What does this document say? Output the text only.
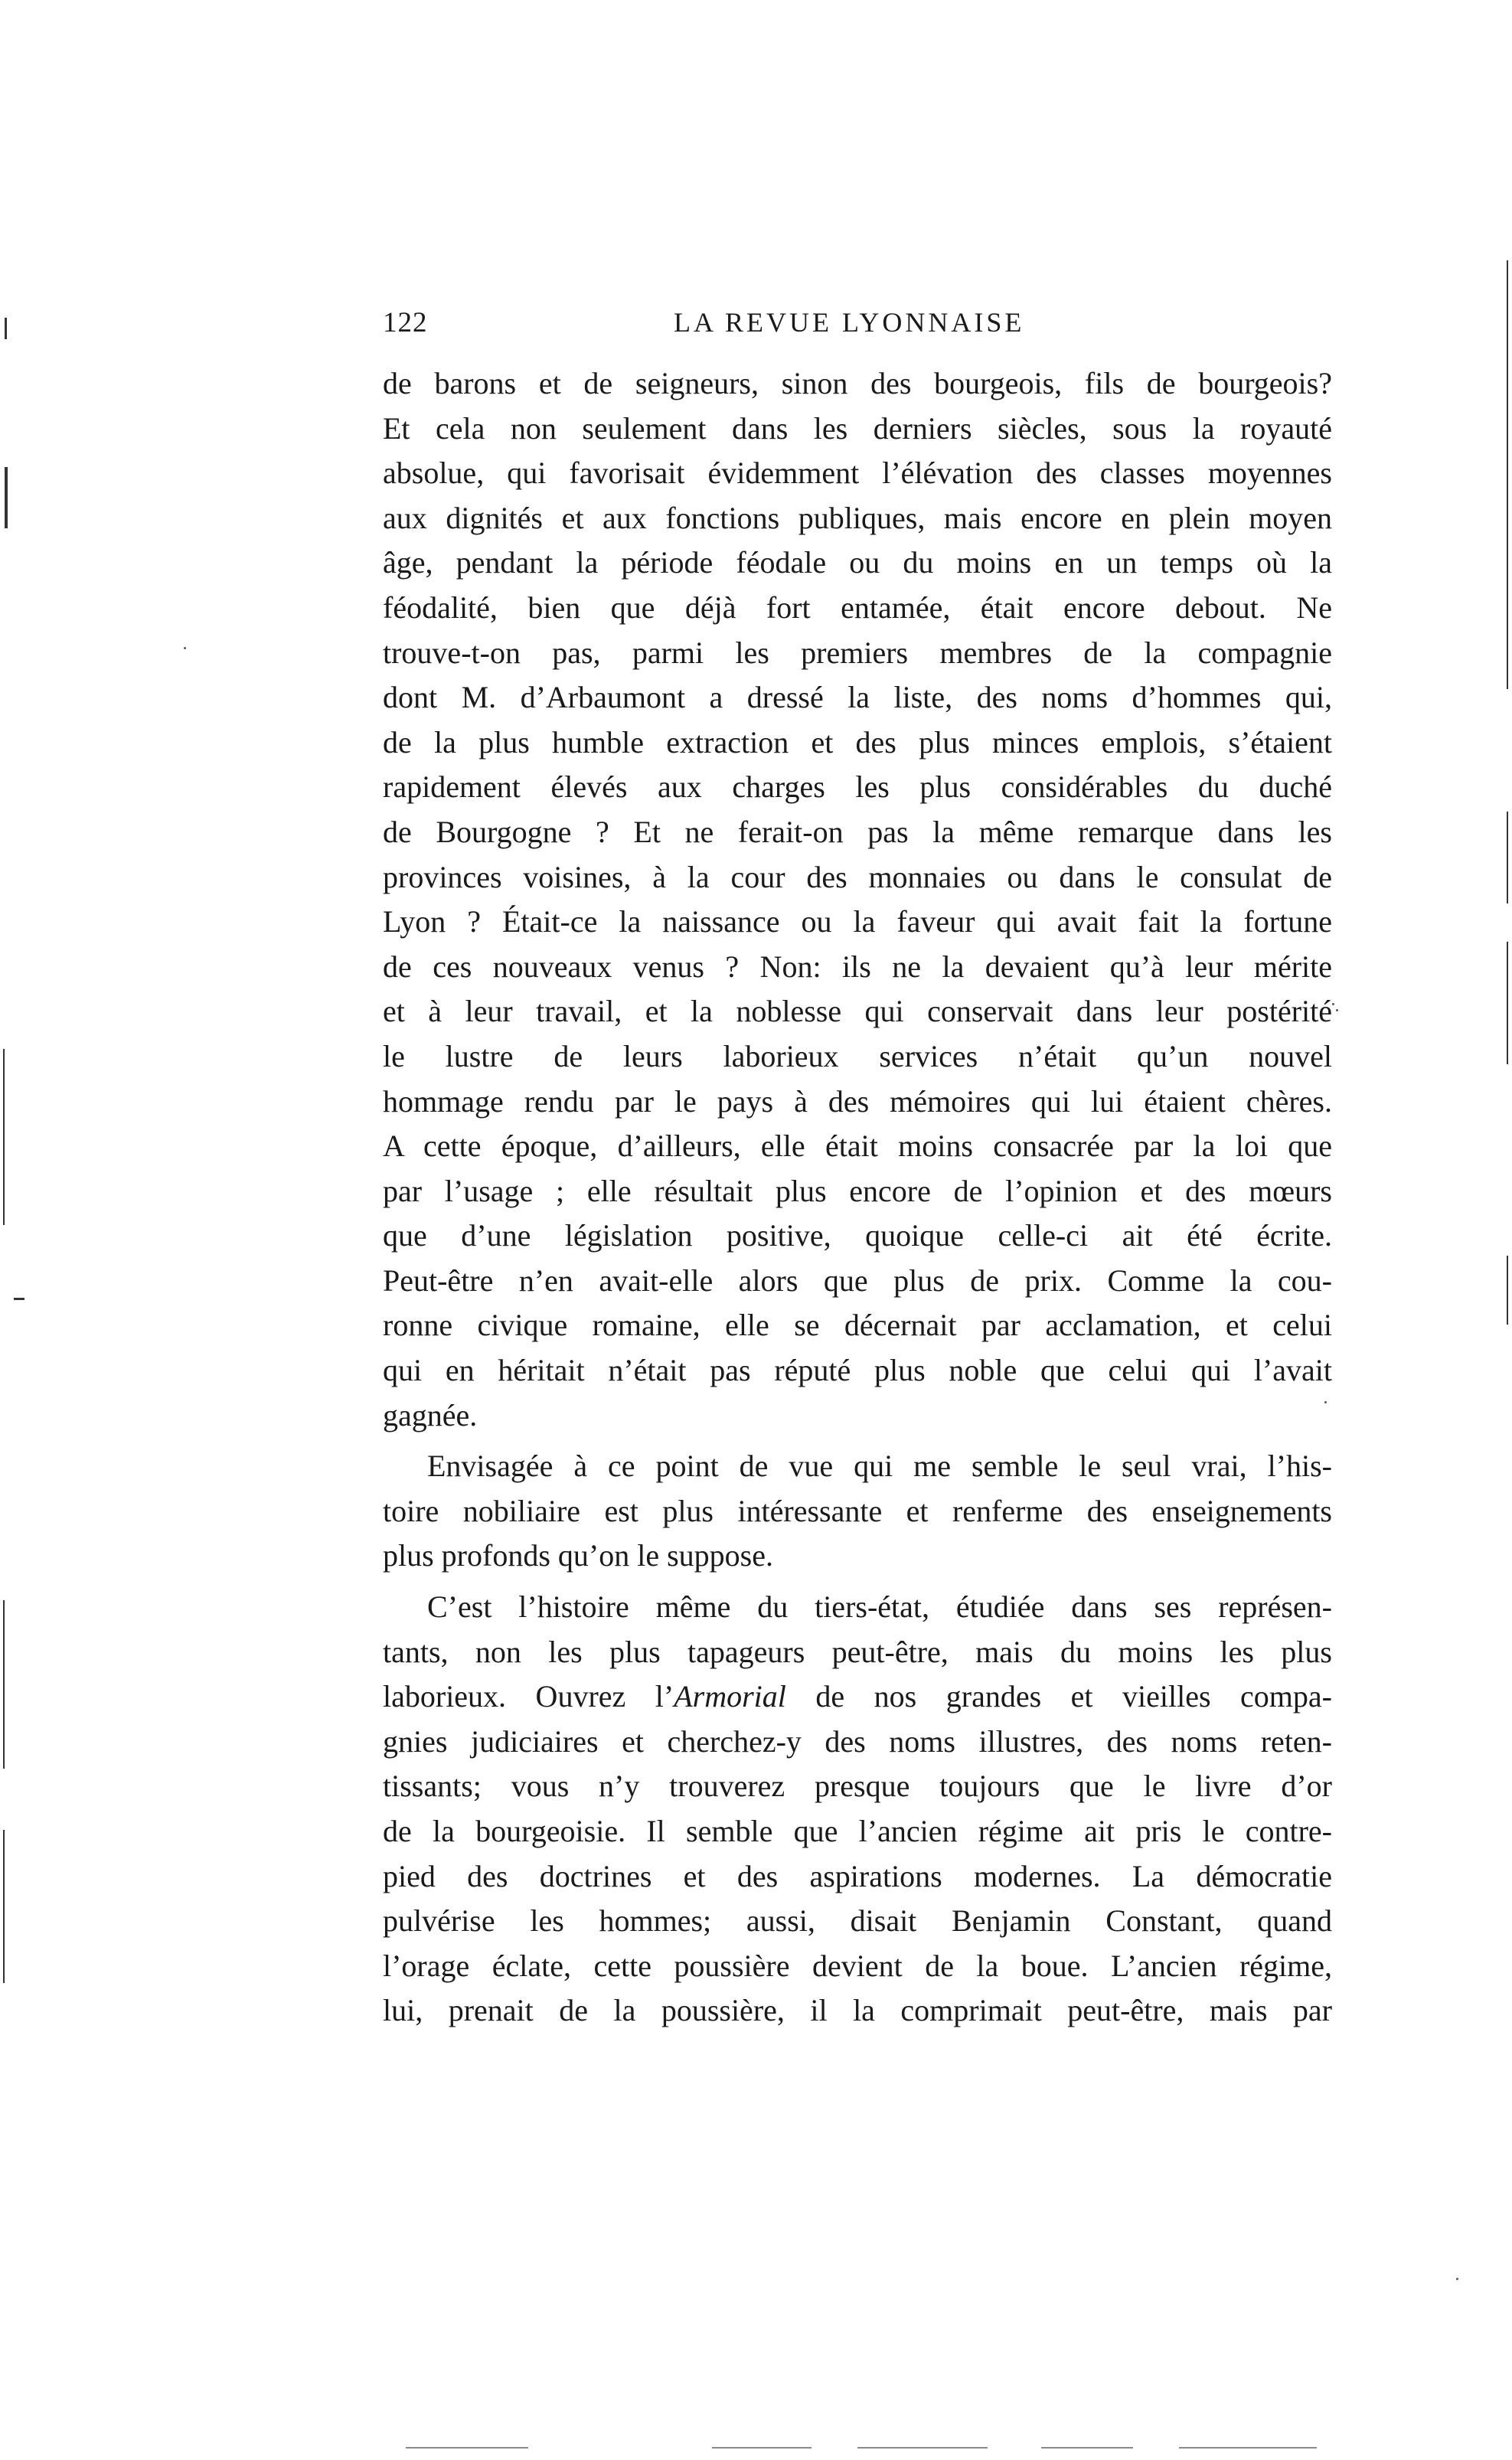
122	LA REVUE LYONNAISE
de barons et de seigneurs, sinon des bourgeois, fils de bourgeois?
Et cela non seulement dans les derniers siècles, sous la royauté
absolue, qui favorisait évidemment l’élévation des classes moyennes
aux dignités et aux fonctions publiques, mais encore en plein moyen
âge, pendant la période féodale ou du moins en un temps où la
féodalité, bien que déjà fort entamée, était encore debout. Ne
trouve-t-on pas, parmi les premiers membres de la compagnie
dont M. d’Arbaumont a dressé la liste, des noms d’hommes qui,
de la plus humble extraction et des plus minces emplois, s’étaient
rapidement élevés aux charges les plus considérables du duché
de Bourgogne ? Et ne ferait-on pas la même remarque dans les
provinces voisines, à la cour des monnaies ou dans le consulat de
Lyon ? Était-ce la naissance ou la faveur qui avait fait la fortune
de ces nouveaux venus ? Non: ils ne la devaient qu’à leur mérite
et à leur travail, et la noblesse qui conservait dans leur postérité
le lustre de leurs laborieux services n’était qu’un nouvel
hommage rendu par le pays à des mémoires qui lui étaient chères.
A cette époque, d’ailleurs, elle était moins consacrée par la loi que
par l’usage ; elle résultait plus encore de l’opinion et des mœurs
que d’une législation positive, quoique celle-ci ait été écrite.
Peut-être n’en avait-elle alors que plus de prix. Comme la cou-
ronne civique romaine, elle se décernait par acclamation, et celui
qui en héritait n’était pas réputé plus noble que celui qui l’avait
gagnée.
Envisagée à ce point de vue qui me semble le seul vrai, l’his-
toire nobiliaire est plus intéressante et renferme des enseignements
plus profonds qu’on le suppose.
C’est l’histoire même du tiers-état, étudiée dans ses représen-
tants, non les plus tapageurs peut-être, mais du moins les plus
laborieux. Ouvrez l’Armorial de nos grandes et vieilles compa-
gnies judiciaires et cherchez-y des noms illustres, des noms reten-
tissants; vous n’y trouverez presque toujours que le livre d’or
de la bourgeoisie. Il semble que l’ancien régime ait pris le contre-
pied des doctrines et des aspirations modernes. La démocratie
pulvérise les hommes; aussi, disait Benjamin Constant, quand
l’orage éclate, cette poussière devient de la boue. L’ancien régime,
lui, prenait de la poussière, il la comprimait peut-être, mais par
